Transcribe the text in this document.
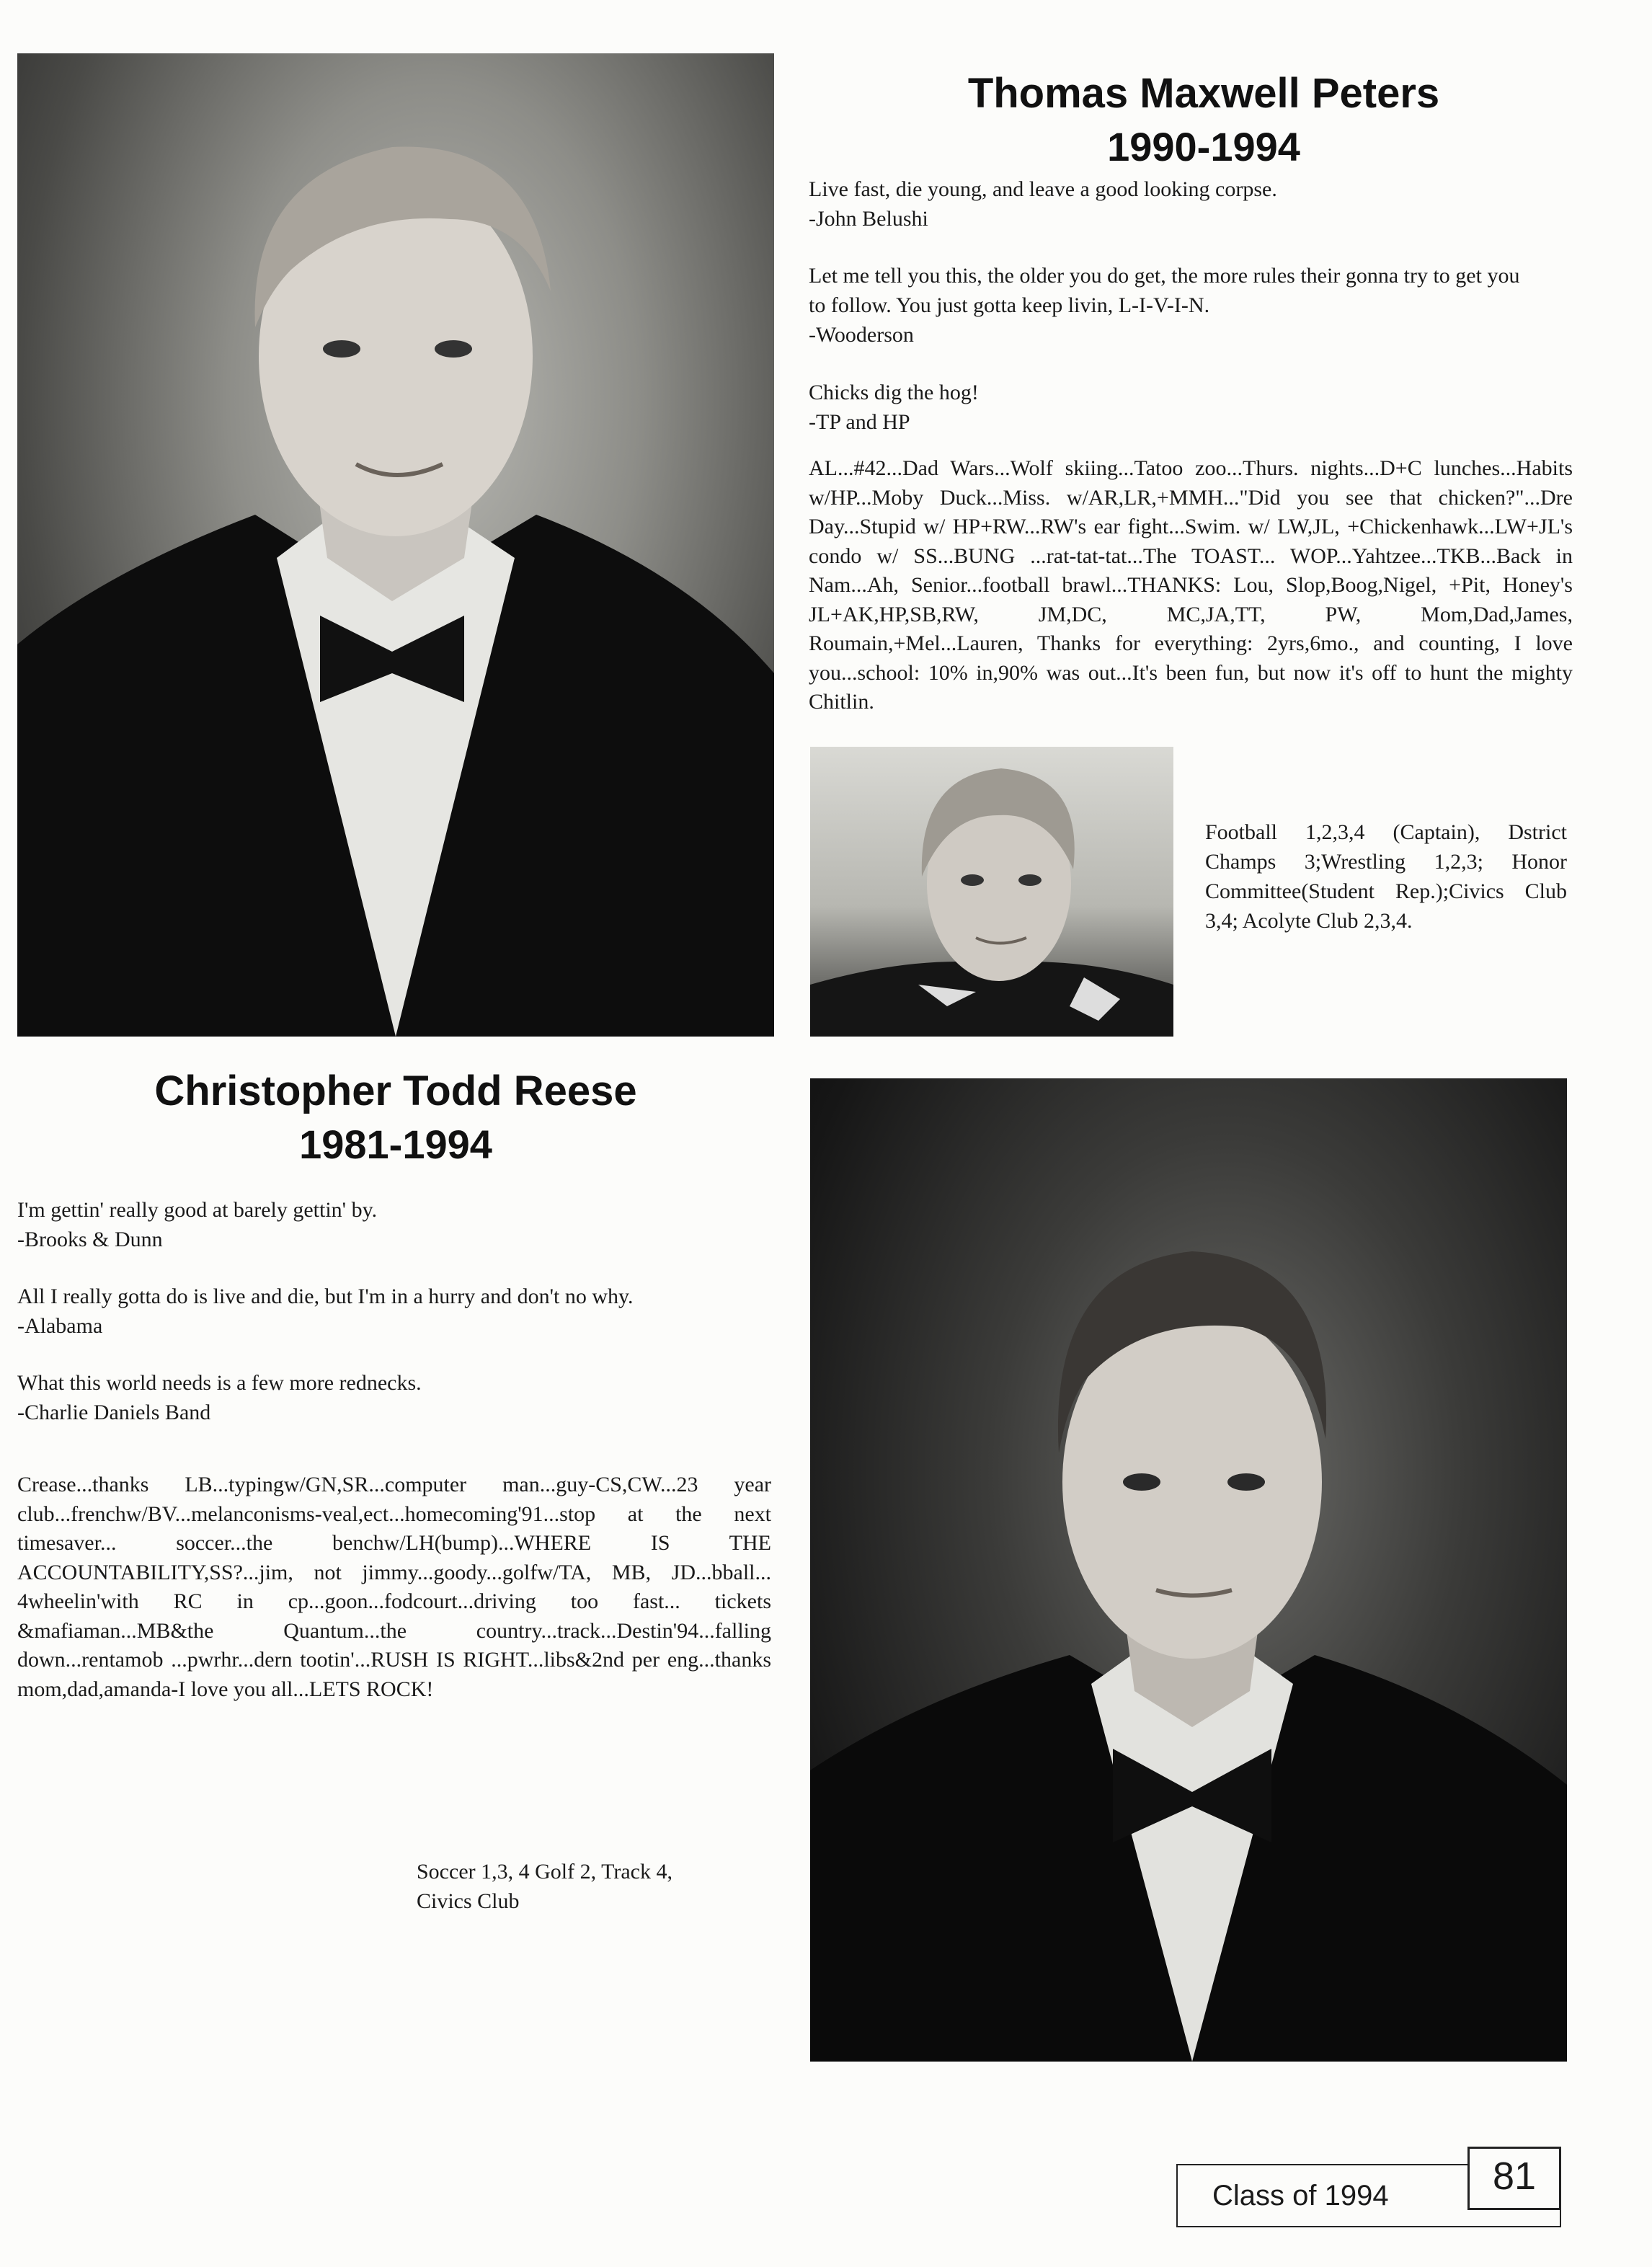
Thomas Maxwell Peters
1990-1994
Live fast, die young, and leave a good looking corpse.
-John Belushi
Let me tell you this, the older you do get, the more rules their gonna try to get you
to follow. You just gotta keep livin, L-I-V-I-N.
-Wooderson
Chicks dig the hog!
-TP and HP
AL...#42...Dad Wars...Wolf skiing...Tatoo zoo...Thurs. nights...D+C lunches...Habits w/HP...Moby Duck...Miss. w/AR,LR,+MMH..."Did you see that chicken?"...Dre Day...Stupid w/ HP+RW...RW's ear fight...Swim. w/ LW,JL, +Chickenhawk...LW+JL's condo w/ SS...BUNG ...rat-tat-tat...The TOAST... WOP...Yahtzee...TKB...Back in Nam...Ah, Senior...football brawl...THANKS: Lou, Slop,Boog,Nigel, +Pit, Honey's JL+AK,HP,SB,RW, JM,DC, MC,JA,TT, PW, Mom,Dad,James, Roumain,+Mel...Lauren, Thanks for everything: 2yrs,6mo., and counting, I love you...school: 10% in,90% was out...It's been fun, but now it's off to hunt the mighty Chitlin.
Football 1,2,3,4 (Captain), Dstrict Champs 3;Wrestling 1,2,3; Honor Committee(Student Rep.);Civics Club 3,4; Acolyte Club 2,3,4.
Christopher Todd Reese
1981-1994
I'm gettin' really good at barely gettin' by.
-Brooks & Dunn
All I really gotta do is live and die, but I'm in a hurry and don't no why.
-Alabama
What this world needs is a few more rednecks.
-Charlie Daniels Band
Crease...thanks LB...typingw/GN,SR...computer man...guy-CS,CW...23 year club...frenchw/BV...melanconisms-veal,ect...homecoming'91...stop at the next timesaver... soccer...the benchw/LH(bump)...WHERE IS THE ACCOUNTABILITY,SS?...jim, not jimmy...goody...golfw/TA, MB, JD...bball... 4wheelin'with RC in cp...goon...fodcourt...driving too fast... tickets &mafiaman...MB&the Quantum...the country...track...Destin'94...falling down...rentamob ...pwrhr...dern tootin'...RUSH IS RIGHT...libs&2nd per eng...thanks mom,dad,amanda-I love you all...LETS ROCK!
Soccer 1,3, 4 Golf 2, Track 4, Civics Club
Class of 1994	81
